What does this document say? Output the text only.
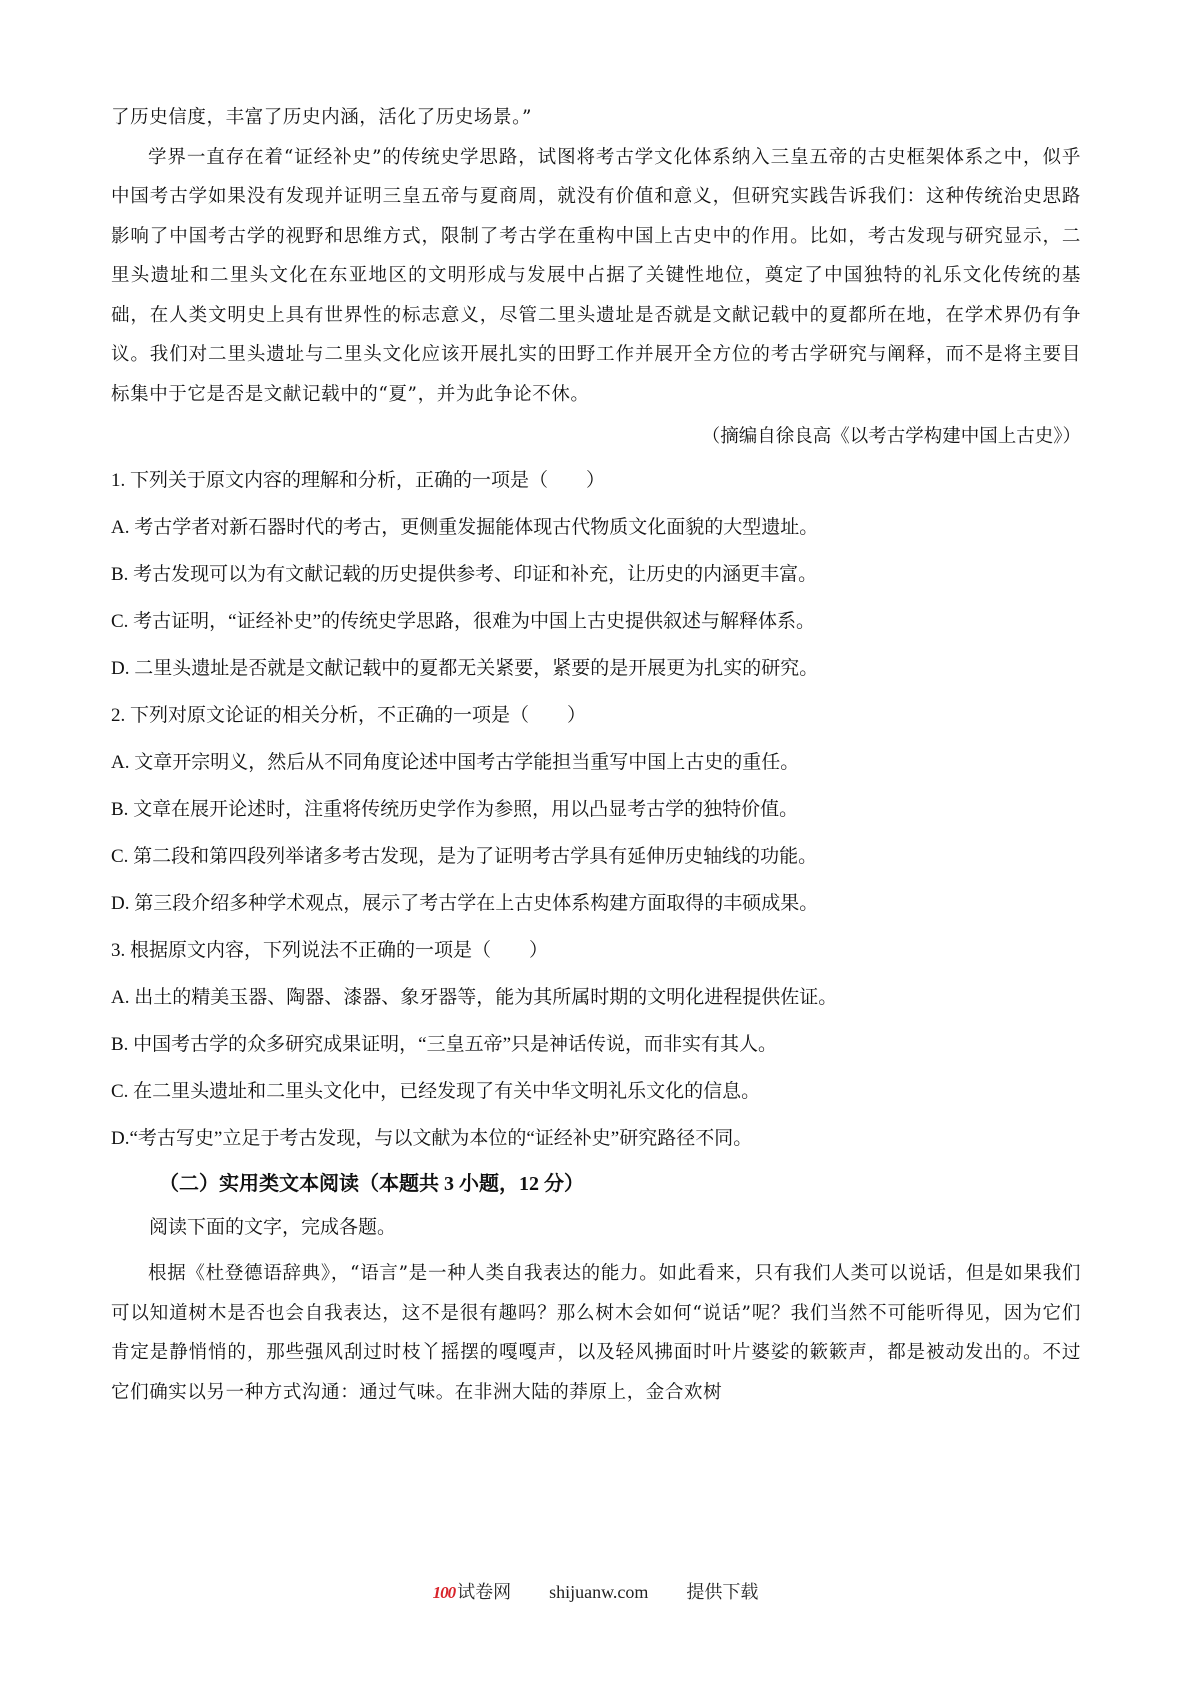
了历史信度，丰富了历史内涵，活化了历史场景。”

学界一直存在着“证经补史”的传统史学思路，试图将考古学文化体系纳入三皇五帝的古史框架体系之中，似乎中国考古学如果没有发现并证明三皇五帝与夏商周，就没有价值和意义，但研究实践告诉我们：这种传统治史思路影响了中国考古学的视野和思维方式，限制了考古学在重构中国上古史中的作用。比如，考古发现与研究显示，二里头遗址和二里头文化在东亚地区的文明形成与发展中占据了关键性地位，奠定了中国独特的礼乐文化传统的基础，在人类文明史上具有世界性的标志意义，尽管二里头遗址是否就是文献记载中的夏都所在地，在学术界仍有争议。我们对二里头遗址与二里头文化应该开展扎实的田野工作并展开全方位的考古学研究与阐释，而不是将主要目标集中于它是否是文献记载中的“夏”，并为此争论不休。

（摘编自徐良高《以考古学构建中国上古史》）

1. 下列关于原文内容的理解和分析，正确的一项是（　　）

A. 考古学者对新石器时代的考古，更侧重发掘能体现古代物质文化面貌的大型遗址。

B. 考古发现可以为有文献记载的历史提供参考、印证和补充，让历史的内涵更丰富。

C. 考古证明，“证经补史”的传统史学思路，很难为中国上古史提供叙述与解释体系。

D. 二里头遗址是否就是文献记载中的夏都无关紧要，紧要的是开展更为扎实的研究。

2. 下列对原文论证的相关分析，不正确的一项是（　　）

A. 文章开宗明义，然后从不同角度论述中国考古学能担当重写中国上古史的重任。

B. 文章在展开论述时，注重将传统历史学作为参照，用以凸显考古学的独特价值。

C. 第二段和第四段列举诸多考古发现，是为了证明考古学具有延伸历史轴线的功能。

D. 第三段介绍多种学术观点，展示了考古学在上古史体系构建方面取得的丰硕成果。

3. 根据原文内容，下列说法不正确的一项是（　　）

A. 出土的精美玉器、陶器、漆器、象牙器等，能为其所属时期的文明化进程提供佐证。

B. 中国考古学的众多研究成果证明，“三皇五帝”只是神话传说，而非实有其人。

C. 在二里头遗址和二里头文化中，已经发现了有关中华文明礼乐文化的信息。

D.“考古写史”立足于考古发现，与以文献为本位的“证经补史”研究路径不同。

（二）实用类文本阅读（本题共 3 小题，12 分）

阅读下面的文字，完成各题。

根据《杜登德语辞典》，“语言”是一种人类自我表达的能力。如此看来，只有我们人类可以说话，但是如果我们可以知道树木是否也会自我表达，这不是很有趣吗？那么树木会如何“说话”呢？我们当然不可能听得见，因为它们肯定是静悄悄的，那些强风刮过时枝丫摇摆的嘎嘎声，以及轻风拂面时叶片婆娑的簌簌声，都是被动发出的。不过它们确实以另一种方式沟通：通过气味。在非洲大陆的莽原上，金合欢树

100 试卷网 shijuanw.com 提供下载
